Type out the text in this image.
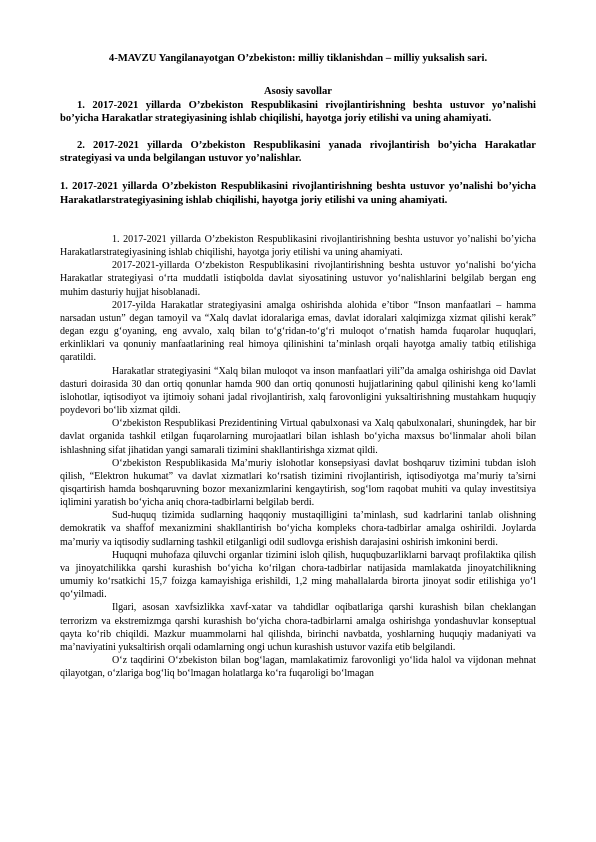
4-MAVZU Yangilanayotgan O’zbekiston: milliy tiklanishdan – milliy yuksalish sari.
Asosiy savollar
1. 2017-2021 yillarda O’zbekiston Respublikasini rivojlantirishning beshta ustuvor yo’nalishi bo’yicha Harakatlar strategiyasining ishlab chiqilishi, hayotga joriy etilishi va uning ahamiyati.
2. 2017-2021 yillarda O’zbekiston Respublikasini yanada rivojlantirish bo’yicha Harakatlar strategiyasi va unda belgilangan ustuvor yo’nalishlar.
1. 2017-2021 yillarda O’zbekiston Respublikasini rivojlantirishning beshta ustuvor yo’nalishi bo’yicha Harakatlarstrategiyasining ishlab chiqilishi, hayotga joriy etilishi va uning ahamiyati.

1. 2017-2021 yillarda O’zbekiston Respublikasini rivojlantirishning beshta ustuvor yo’nalishi bo’yicha Harakatlarstrategiyasining ishlab chiqilishi, hayotga joriy etilishi va uning ahamiyati.

2017-2021-yillarda O‘zbekiston Respublikasini rivojlantirishning beshta ustuvor yo‘nalishi bo‘yicha Harakatlar strategiyasi o‘rta muddatli istiqbolda davlat siyosatining ustuvor yo‘nalishlarini belgilab bergan eng muhim dasturiy hujjat hisoblanadi.

2017-yilda Harakatlar strategiyasini amalga oshirishda alohida e’tibor “Inson manfaatlari – hamma narsadan ustun” degan tamoyil va “Xalq davlat idoralariga emas, davlat idoralari xalqimizga xizmat qilishi kerak” degan ezgu g‘oyaning, eng avvalo, xalq bilan to‘g‘ridan-to‘g‘ri muloqot o‘rnatish hamda fuqarolar huquqlari, erkinliklari va qonuniy manfaatlarining real himoya qilinishini ta’minlash orqali hayotga amaliy tatbiq etilishiga qaratildi.

Harakatlar strategiyasini “Xalq bilan muloqot va inson manfaatlari yili”da amalga oshirishga oid Davlat dasturi doirasida 30 dan ortiq qonunlar hamda 900 dan ortiq qonunosti hujjatlarining qabul qilinishi keng ko‘lamli islohotlar, iqtisodiyot va ijtimoiy sohani jadal rivojlantirish, xalq farovonligini yuksaltirishning mustahkam huquqiy poydevori bo‘lib xizmat qildi.

O‘zbekiston Respublikasi Prezidentining Virtual qabulxonasi va Xalq qabulxonalari, shuningdek, har bir davlat organida tashkil etilgan fuqarolarning murojaatlari bilan ishlash bo‘yicha maxsus bo‘linmalar aholi bilan ishlashning sifat jihatidan yangi samarali tizimini shakllantirishga xizmat qildi.

O‘zbekiston Respublikasida Ma’muriy islohotlar konsepsiyasi davlat boshqaruv tizimini tubdan isloh qilish, “Elektron hukumat” va davlat xizmatlari ko‘rsatish tizimini rivojlantirish, iqtisodiyotga ma’muriy ta’sirni qisqartirish hamda boshqaruvning bozor mexanizmlarini kengaytirish, sog‘lom raqobat muhiti va qulay investitsiya iqlimini yaratish bo‘yicha aniq chora-tadbirlarni belgilab berdi.

Sud-huquq tizimida sudlarning haqqoniy mustaqilligini ta’minlash, sud kadrlarini tanlab olishning demokratik va shaffof mexanizmini shakllantirish bo‘yicha kompleks chora-tadbirlar amalga oshirildi. Joylarda ma’muriy va iqtisodiy sudlarning tashkil etilganligi odil sudlovga erishish darajasini oshirish imkonini berdi.

Huquqni muhofaza qiluvchi organlar tizimini isloh qilish, huquqbuzarliklarni barvaqt profilaktika qilish va jinoyatchilikka qarshi kurashish bo‘yicha ko‘rilgan chora-tadbirlar natijasida mamlakatda jinoyatchilikning umumiy ko‘rsatkichi 15,7 foizga kamayishiga erishildi, 1,2 ming mahallalarda birorta jinoyat sodir etilishiga yo‘l qo‘yilmadi.

Ilgari, asosan xavfsizlikka xavf-xatar va tahdidlar oqibatlariga qarshi kurashish bilan cheklangan terrorizm va ekstremizmga qarshi kurashish bo‘yicha chora-tadbirlarni amalga oshirishga yondashuvlar konseptual qayta ko‘rib chiqildi. Mazkur muammolarni hal qilishda, birinchi navbatda, yoshlarning huquqiy madaniyati va ma’naviyatini yuksaltirish orqali odamlarning ongi uchun kurashish ustuvor vazifa etib belgilandi.

O‘z taqdirini O‘zbekiston bilan bog‘lagan, mamlakatimiz farovonligi yo‘lida halol va vijdonan mehnat qilayotgan, o‘zlariga bog‘liq bo‘lmagan holatlarga ko‘ra fuqaroligi bo‘lmagan
